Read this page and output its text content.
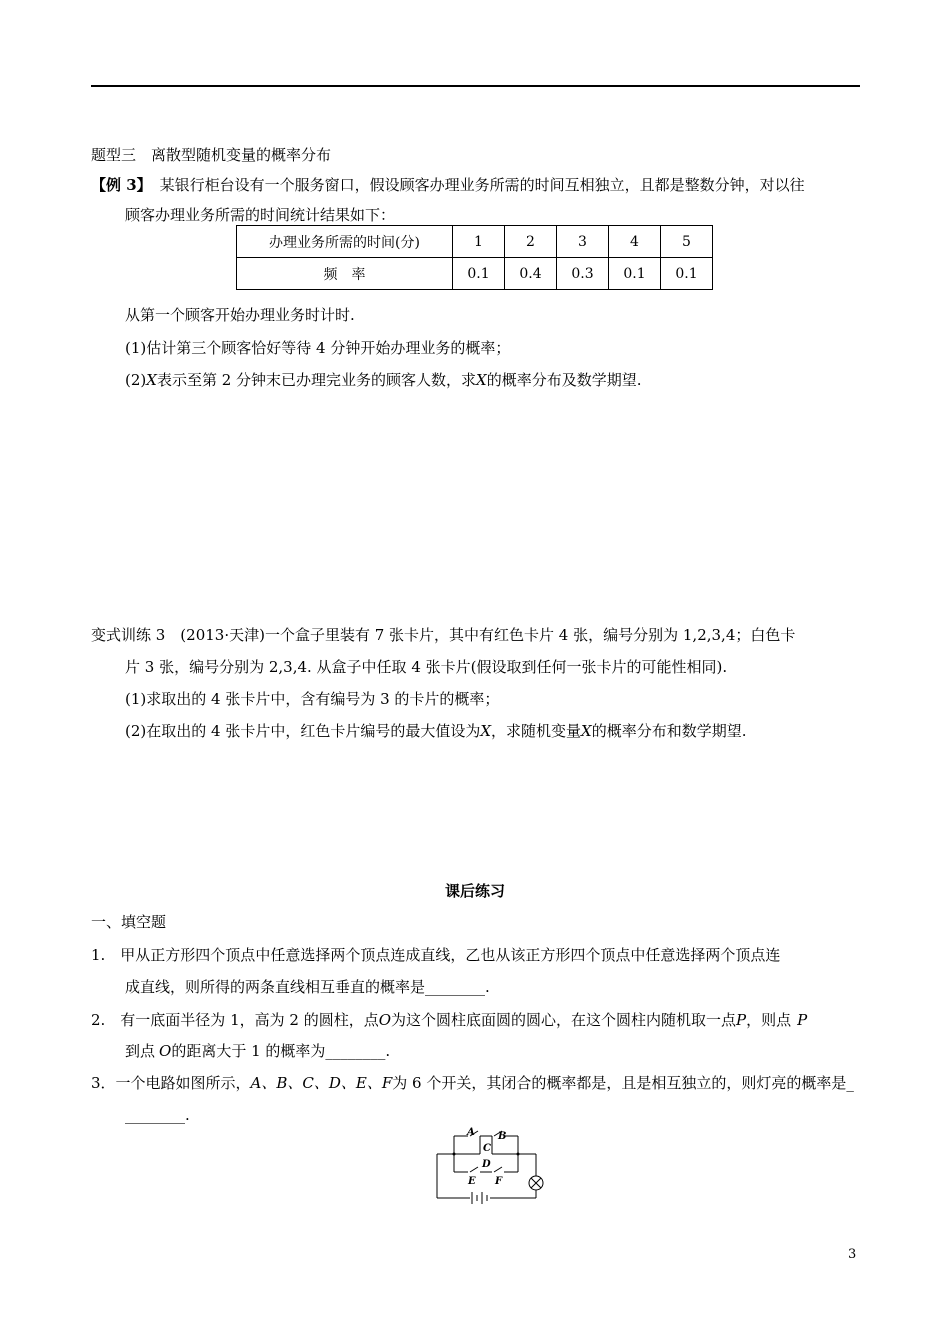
题型三　离散型随机变量的概率分布
【例 3】 某银行柜台设有一个服务窗口，假设顾客办理业务所需的时间互相独立，且都是整数分钟，对以往
顾客办理业务所需的时间统计结果如下：
办理业务所需的时间(分)	1	2	3	4	5
频　率	0.1	0.4	0.3	0.1	0.1
从第一个顾客开始办理业务时计时.
(1)估计第三个顾客恰好等待 4 分钟开始办理业务的概率；
(2)X表示至第 2 分钟末已办理完业务的顾客人数，求X的概率分布及数学期望.
变式训练 3　(2013·天津)一个盒子里装有 7 张卡片，其中有红色卡片 4 张，编号分别为 1,2,3,4；白色卡
片 3 张，编号分别为 2,3,4. 从盒子中任取 4 张卡片(假设取到任何一张卡片的可能性相同).
(1)求取出的 4 张卡片中，含有编号为 3 的卡片的概率；
(2)在取出的 4 张卡片中，红色卡片编号的最大值设为X，求随机变量X的概率分布和数学期望.
课后练习
一、填空题
1.　甲从正方形四个顶点中任意选择两个顶点连成直线，乙也从该正方形四个顶点中任意选择两个顶点连
成直线，则所得的两条直线相互垂直的概率是________.
2.　有一底面半径为 1，高为 2 的圆柱，点O为这个圆柱底面圆的圆心，在这个圆柱内随机取一点P，则点 P
到点 O的距离大于 1 的概率为________.
3．一个电路如图所示，A、B、C、D、E、F为 6 个开关，其闭合的概率都是，且是相互独立的，则灯亮的概率是_
________.
A B
C
D
E F
3
